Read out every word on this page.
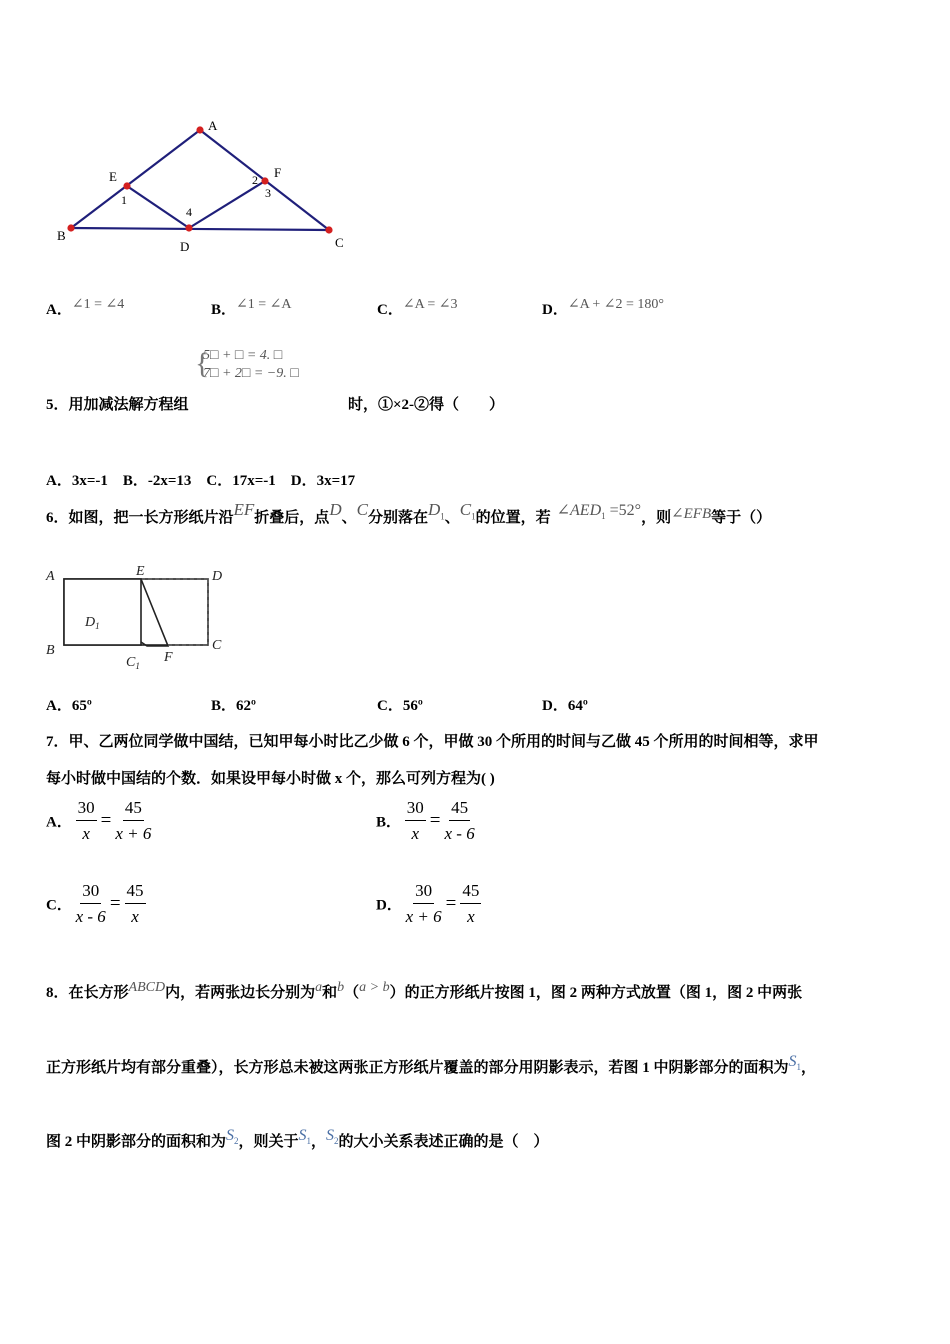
A
E	F
B
D	C
1
2
3
4
A．∠1 = ∠4	B．∠1 = ∠A	C．∠A = ∠3	D．∠A + ∠2 = 180°
{
5□ + □ = 4. □
7□ + 2□ = −9. □
5．用加减法解方程组	时，①×2-②得（　　）
A．3x=-1　B．-2x=13　C．17x=-1　D．3x=17
6．如图，把一长方形纸片沿EF折叠后，点D、C分别落在$D_1$、$C_1$的位置，若 $\angle AED_1 =52^\circ$，则∠EFB等于（）
A
B
E	D
C
$D_1$
$C_1$
F
A．65º	B．62º	C．56º	D．64º
7．甲、乙两位同学做中国结，已知甲每小时比乙少做 6 个，甲做 30 个所用的时间与乙做 45 个所用的时间相等，求甲
每小时做中国结的个数．如果设甲每小时做 x 个，那么可列方程为( )
A． $\frac{30}{x} = \frac{45}{x + 6}$	B． $\frac{30}{x} = \frac{45}{x - 6}$
C． $\frac{30}{x - 6} = \frac{45}{x}$	D． $\frac{30}{x + 6} = \frac{45}{x}$
8．在长方形ABCD内，若两张边长分别为a和b（a > b）的正方形纸片按图 1，图 2 两种方式放置（图 1，图 2 中两张
正方形纸片均有部分重叠），长方形总未被这两张正方形纸片覆盖的部分用阴影表示，若图 1 中阴影部分的面积为$S_1$，
图 2 中阴影部分的面积和为$S_2$，则关于$S_1$，$S_2$的大小关系表述正确的是（　）
